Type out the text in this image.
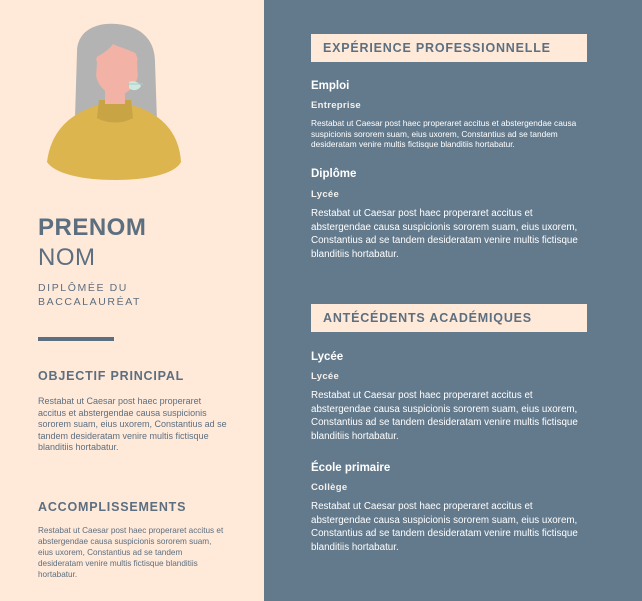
PRENOM
NOM
DIPLÔMÉE DU BACCALAURÉAT
OBJECTIF PRINCIPAL
Restabat ut Caesar post haec properaret accitus et abstergendae causa suspicionis sororem suam, eius uxorem, Constantius ad se tandem desideratam venire multis fictisque blanditiis hortabatur.
ACCOMPLISSEMENTS
Restabat ut Caesar post haec properaret accitus et abstergendae causa suspicionis sororem suam, eius uxorem, Constantius ad se tandem desideratam venire multis fictisque blanditiis hortabatur.
EXPÉRIENCE PROFESSIONNELLE
Emploi
Entreprise
Restabat ut Caesar post haec properaret accitus et abstergendae causa suspicionis sororem suam, eius uxorem, Constantius ad se tandem desideratam venire multis fictisque blanditiis hortabatur.
Diplôme
Lycée
Restabat ut Caesar post haec properaret accitus et abstergendae causa suspicionis sororem suam, eius uxorem, Constantius ad se tandem desideratam venire multis fictisque blanditiis hortabatur.
ANTÉCÉDENTS ACADÉMIQUES
Lycée
Lycée
Restabat ut Caesar post haec properaret accitus et abstergendae causa suspicionis sororem suam, eius uxorem, Constantius ad se tandem desideratam venire multis fictisque blanditiis hortabatur.
École primaire
Collège
Restabat ut Caesar post haec properaret accitus et abstergendae causa suspicionis sororem suam, eius uxorem, Constantius ad se tandem desideratam venire multis fictisque blanditiis hortabatur.
